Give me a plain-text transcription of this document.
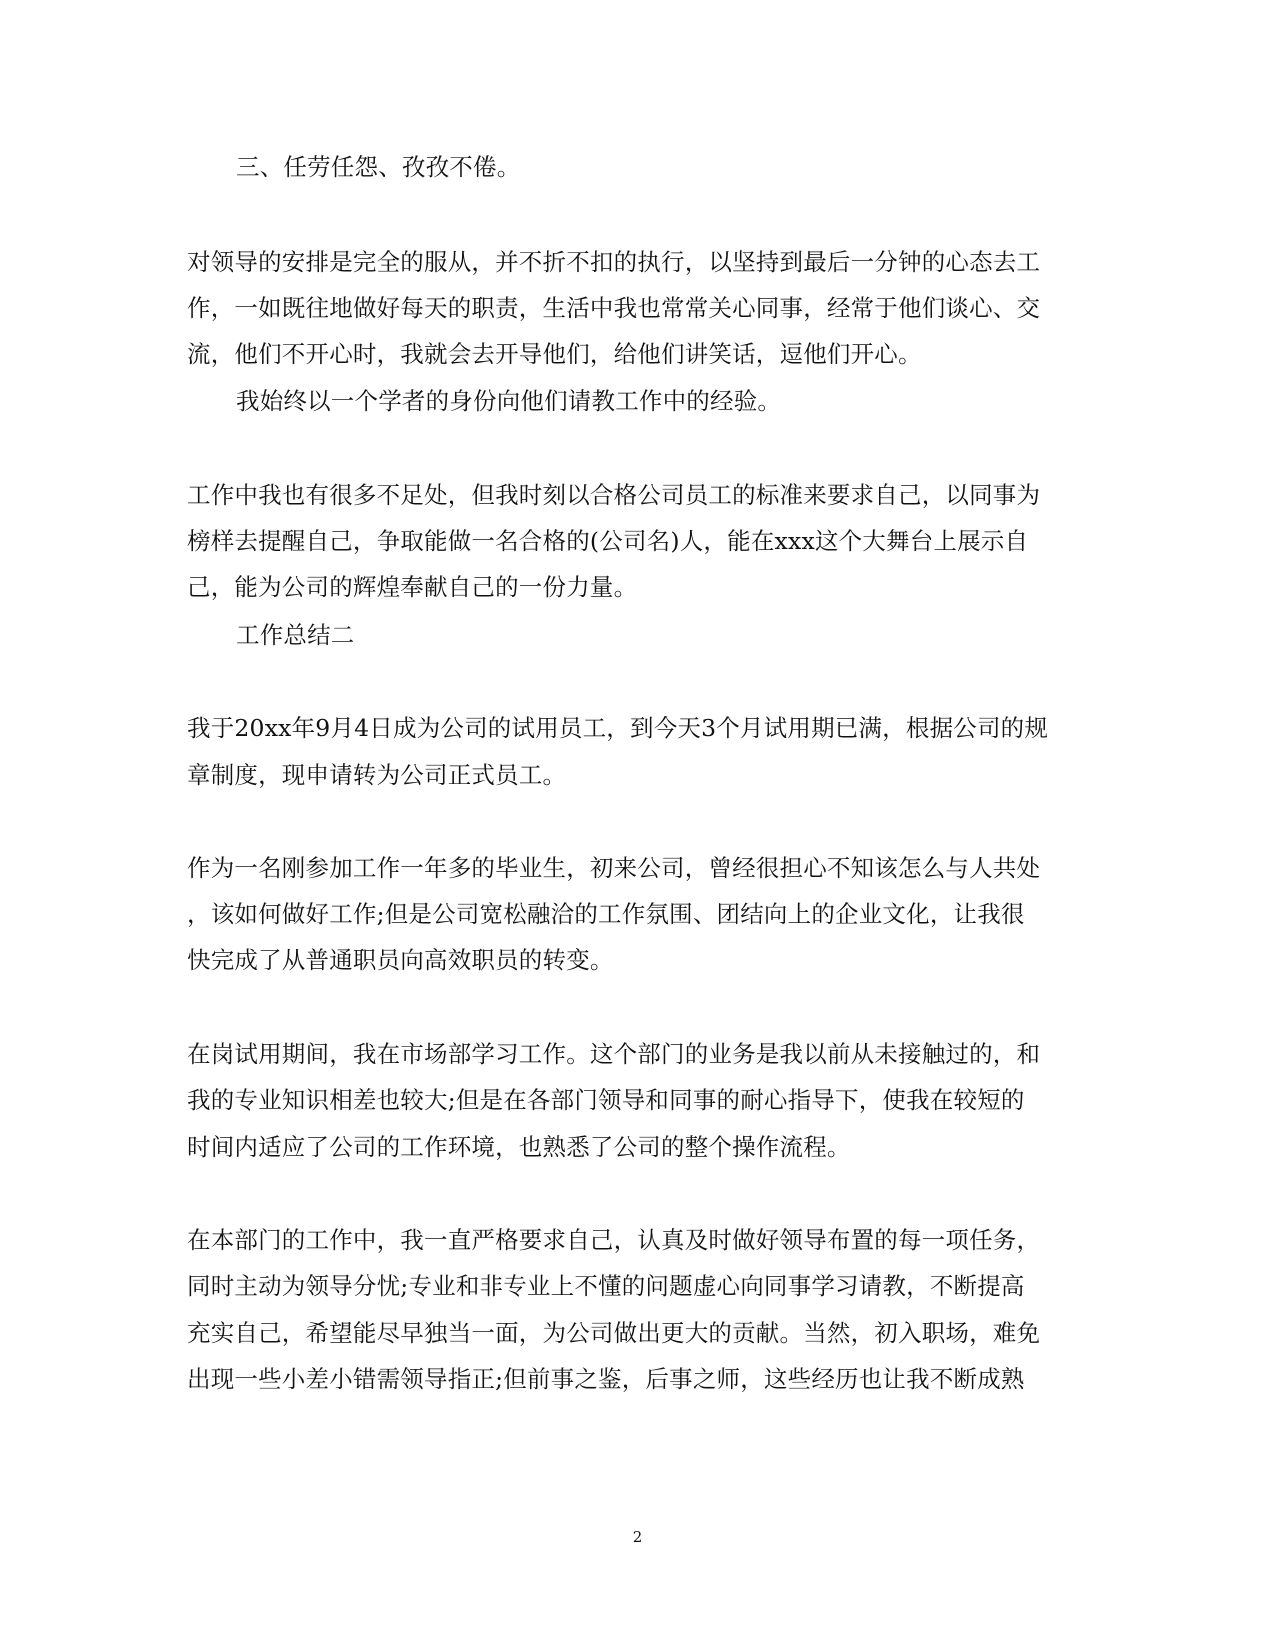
三、任劳任怨、孜孜不倦。
对领导的安排是完全的服从，并不折不扣的执行，以坚持到最后一分钟的心态去工
作，一如既往地做好每天的职责，生活中我也常常关心同事，经常于他们谈心、交
流，他们不开心时，我就会去开导他们，给他们讲笑话，逗他们开心。
我始终以一个学者的身份向他们请教工作中的经验。
工作中我也有很多不足处，但我时刻以合格公司员工的标准来要求自己，以同事为
榜样去提醒自己，争取能做一名合格的(公司名)人，能在xxx这个大舞台上展示自
己，能为公司的辉煌奉献自己的一份力量。
工作总结二
我于20xx年9月4日成为公司的试用员工，到今天3个月试用期已满，根据公司的规
章制度，现申请转为公司正式员工。
作为一名刚参加工作一年多的毕业生，初来公司，曾经很担心不知该怎么与人共处
，该如何做好工作;但是公司宽松融洽的工作氛围、团结向上的企业文化，让我很
快完成了从普通职员向高效职员的转变。
在岗试用期间，我在市场部学习工作。这个部门的业务是我以前从未接触过的，和
我的专业知识相差也较大;但是在各部门领导和同事的耐心指导下，使我在较短的
时间内适应了公司的工作环境，也熟悉了公司的整个操作流程。
在本部门的工作中，我一直严格要求自己，认真及时做好领导布置的每一项任务，
同时主动为领导分忧;专业和非专业上不懂的问题虚心向同事学习请教，不断提高
充实自己，希望能尽早独当一面，为公司做出更大的贡献。当然，初入职场，难免
出现一些小差小错需领导指正;但前事之鉴，后事之师，这些经历也让我不断成熟
2
